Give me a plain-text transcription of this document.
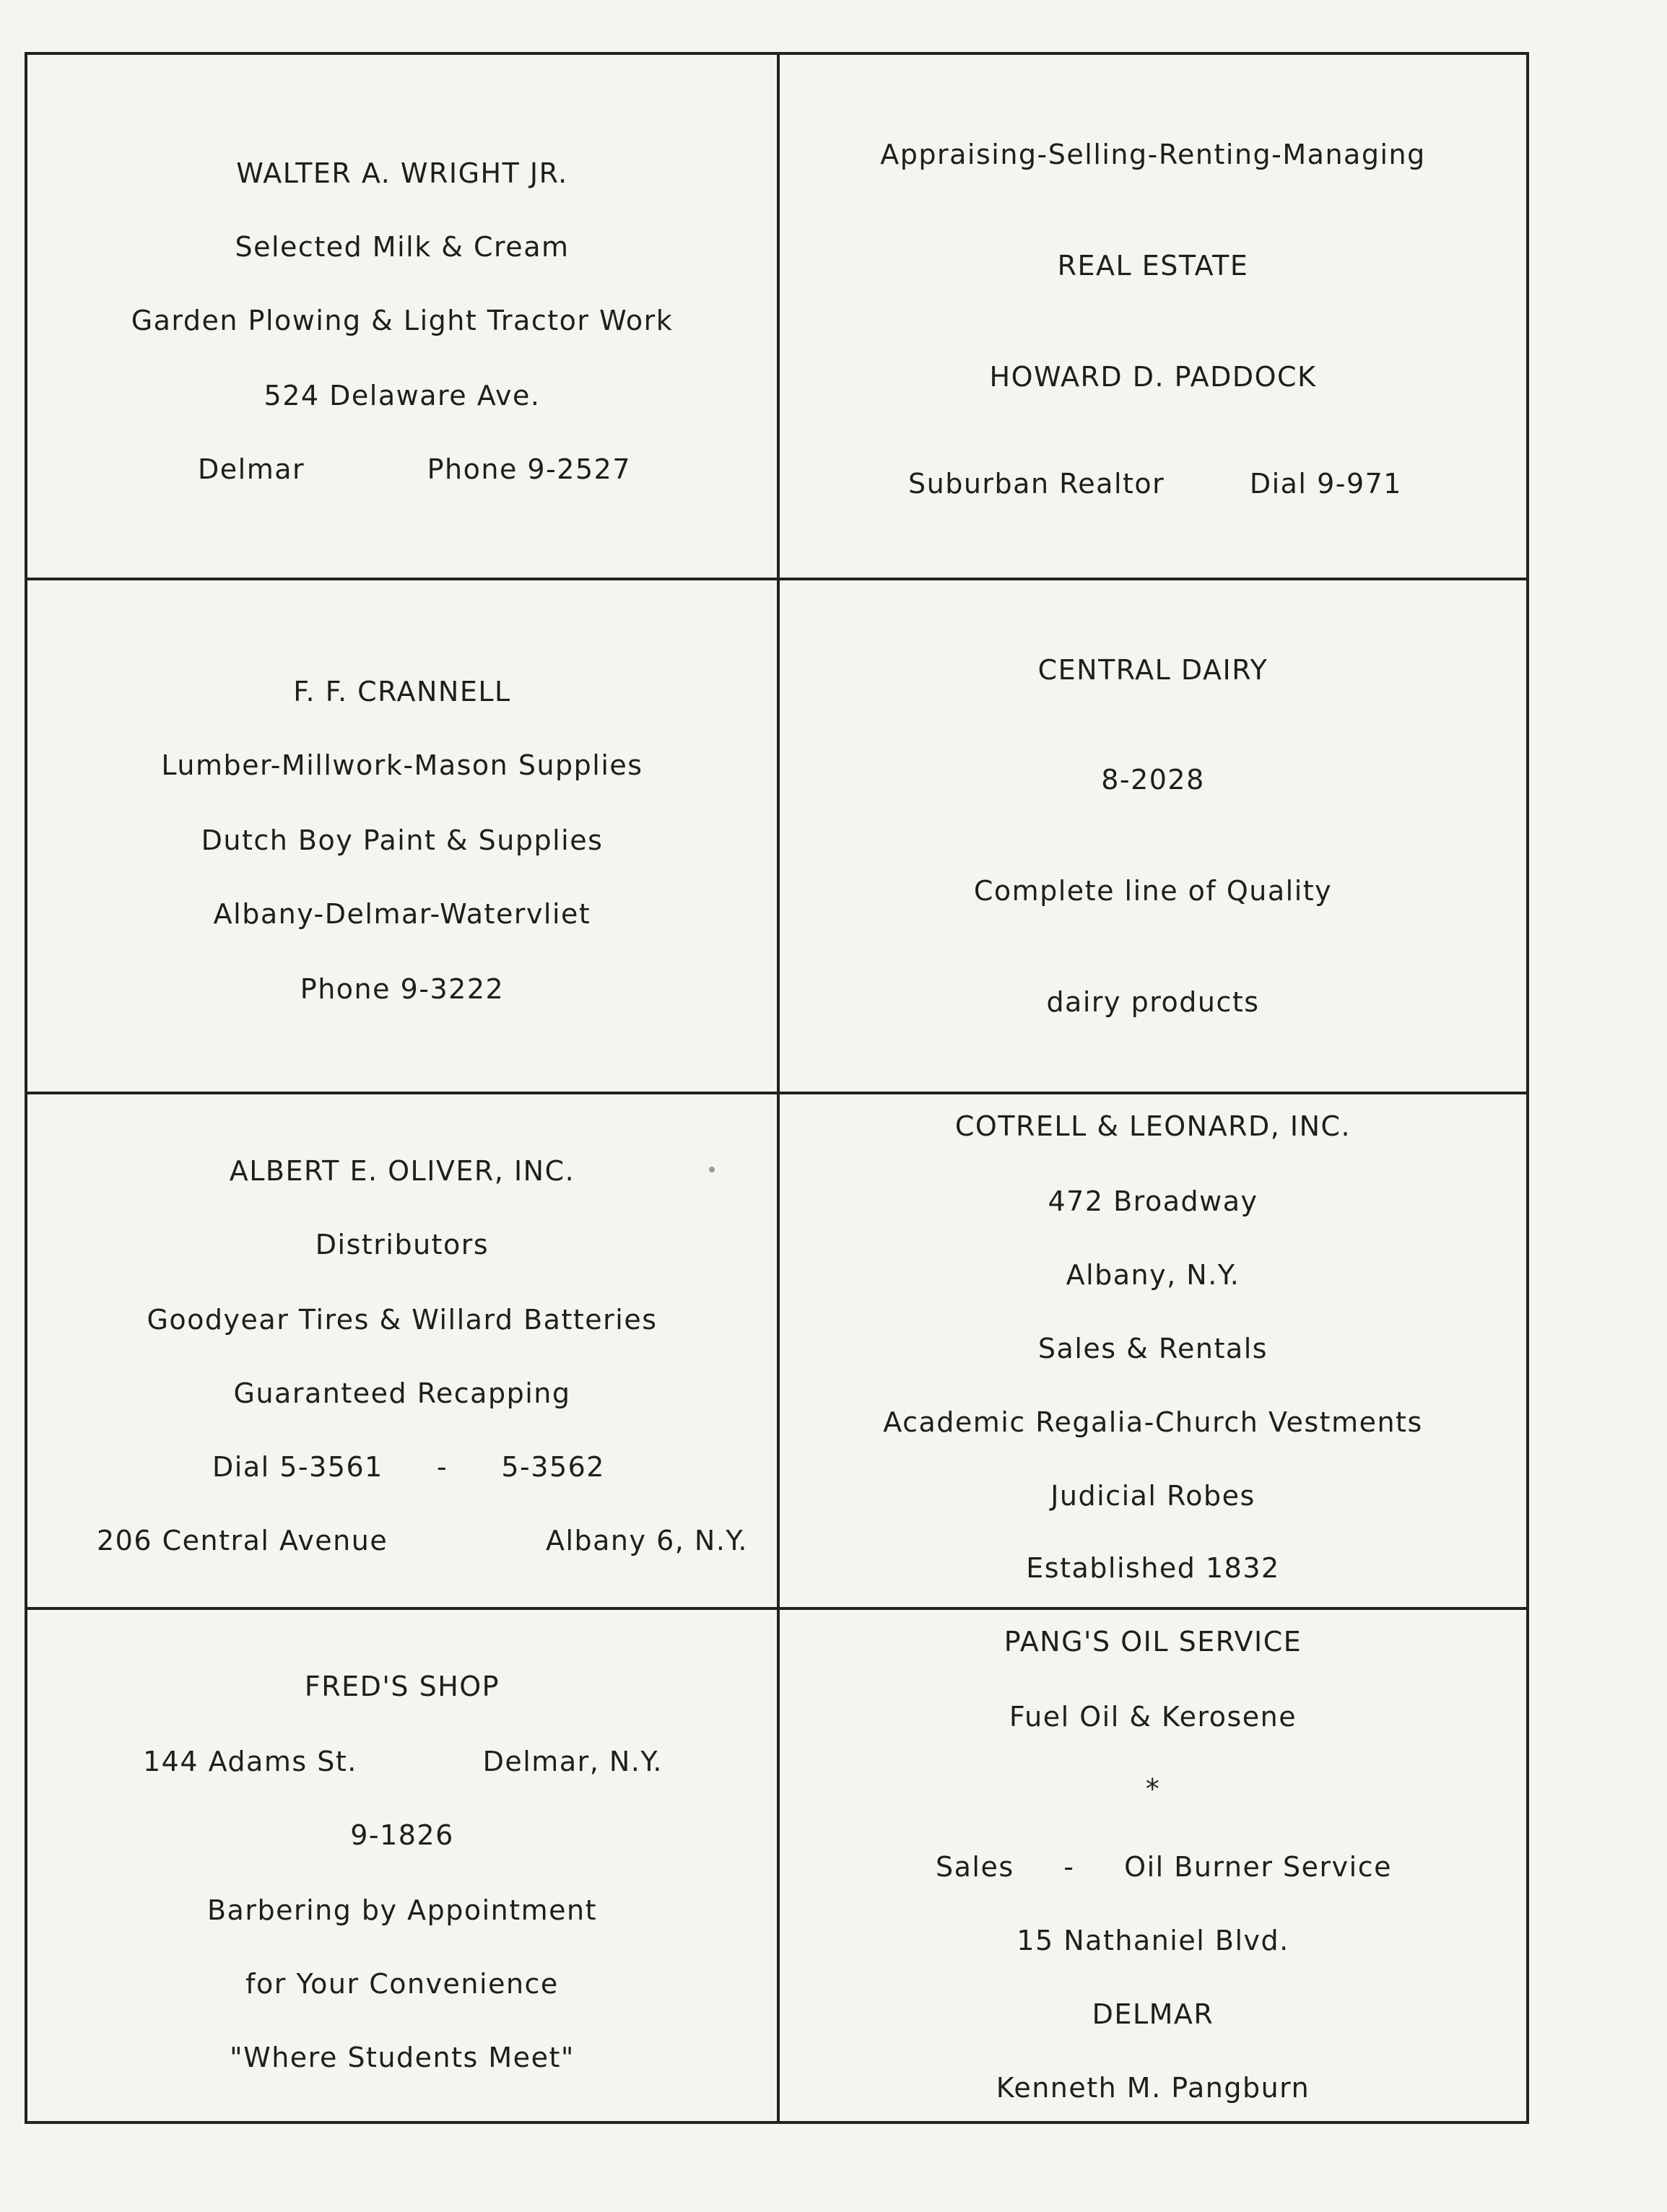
WALTER A. WRIGHT JR.
Selected Milk & Cream
Garden Plowing & Light Tractor Work
524 Delaware Ave.
Delmar	Phone 9-2527
Appraising-Selling-Renting-Managing
REAL ESTATE
HOWARD D. PADDOCK
Suburban Realtor	Dial 9-971
F. F. CRANNELL
Lumber-Millwork-Mason Supplies
Dutch Boy Paint & Supplies
Albany-Delmar-Watervliet
Phone 9-3222
CENTRAL DAIRY
8-2028
Complete line of Quality
dairy products
ALBERT E. OLIVER, INC.
Distributors
Goodyear Tires & Willard Batteries
Guaranteed Recapping
Dial 5-3561 - 5-3562
206 Central Avenue	Albany 6, N.Y.
COTRELL & LEONARD, INC.
472 Broadway
Albany, N.Y.
Sales & Rentals
Academic Regalia-Church Vestments
Judicial Robes
Established 1832
FRED'S SHOP
144 Adams St.	Delmar, N.Y.
9-1826
Barbering by Appointment
for Your Convenience
"Where Students Meet"
PANG'S OIL SERVICE
Fuel Oil & Kerosene
*
Sales - Oil Burner Service
15 Nathaniel Blvd.
DELMAR
Kenneth M. Pangburn
